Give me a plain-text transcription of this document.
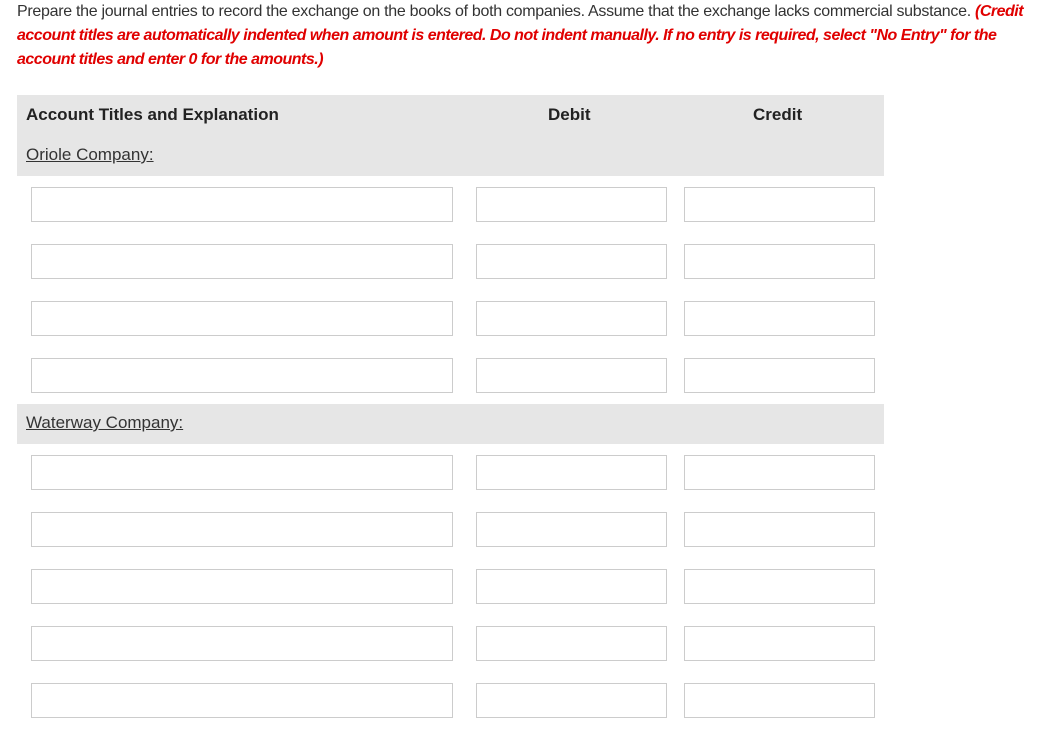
Prepare the journal entries to record the exchange on the books of both companies. Assume that the exchange lacks commercial substance. (Credit account titles are automatically indented when amount is entered. Do not indent manually. If no entry is required, select "No Entry" for the account titles and enter 0 for the amounts.)
Account Titles and Explanation	Debit	Credit
Oriole Company:
Waterway Company:
